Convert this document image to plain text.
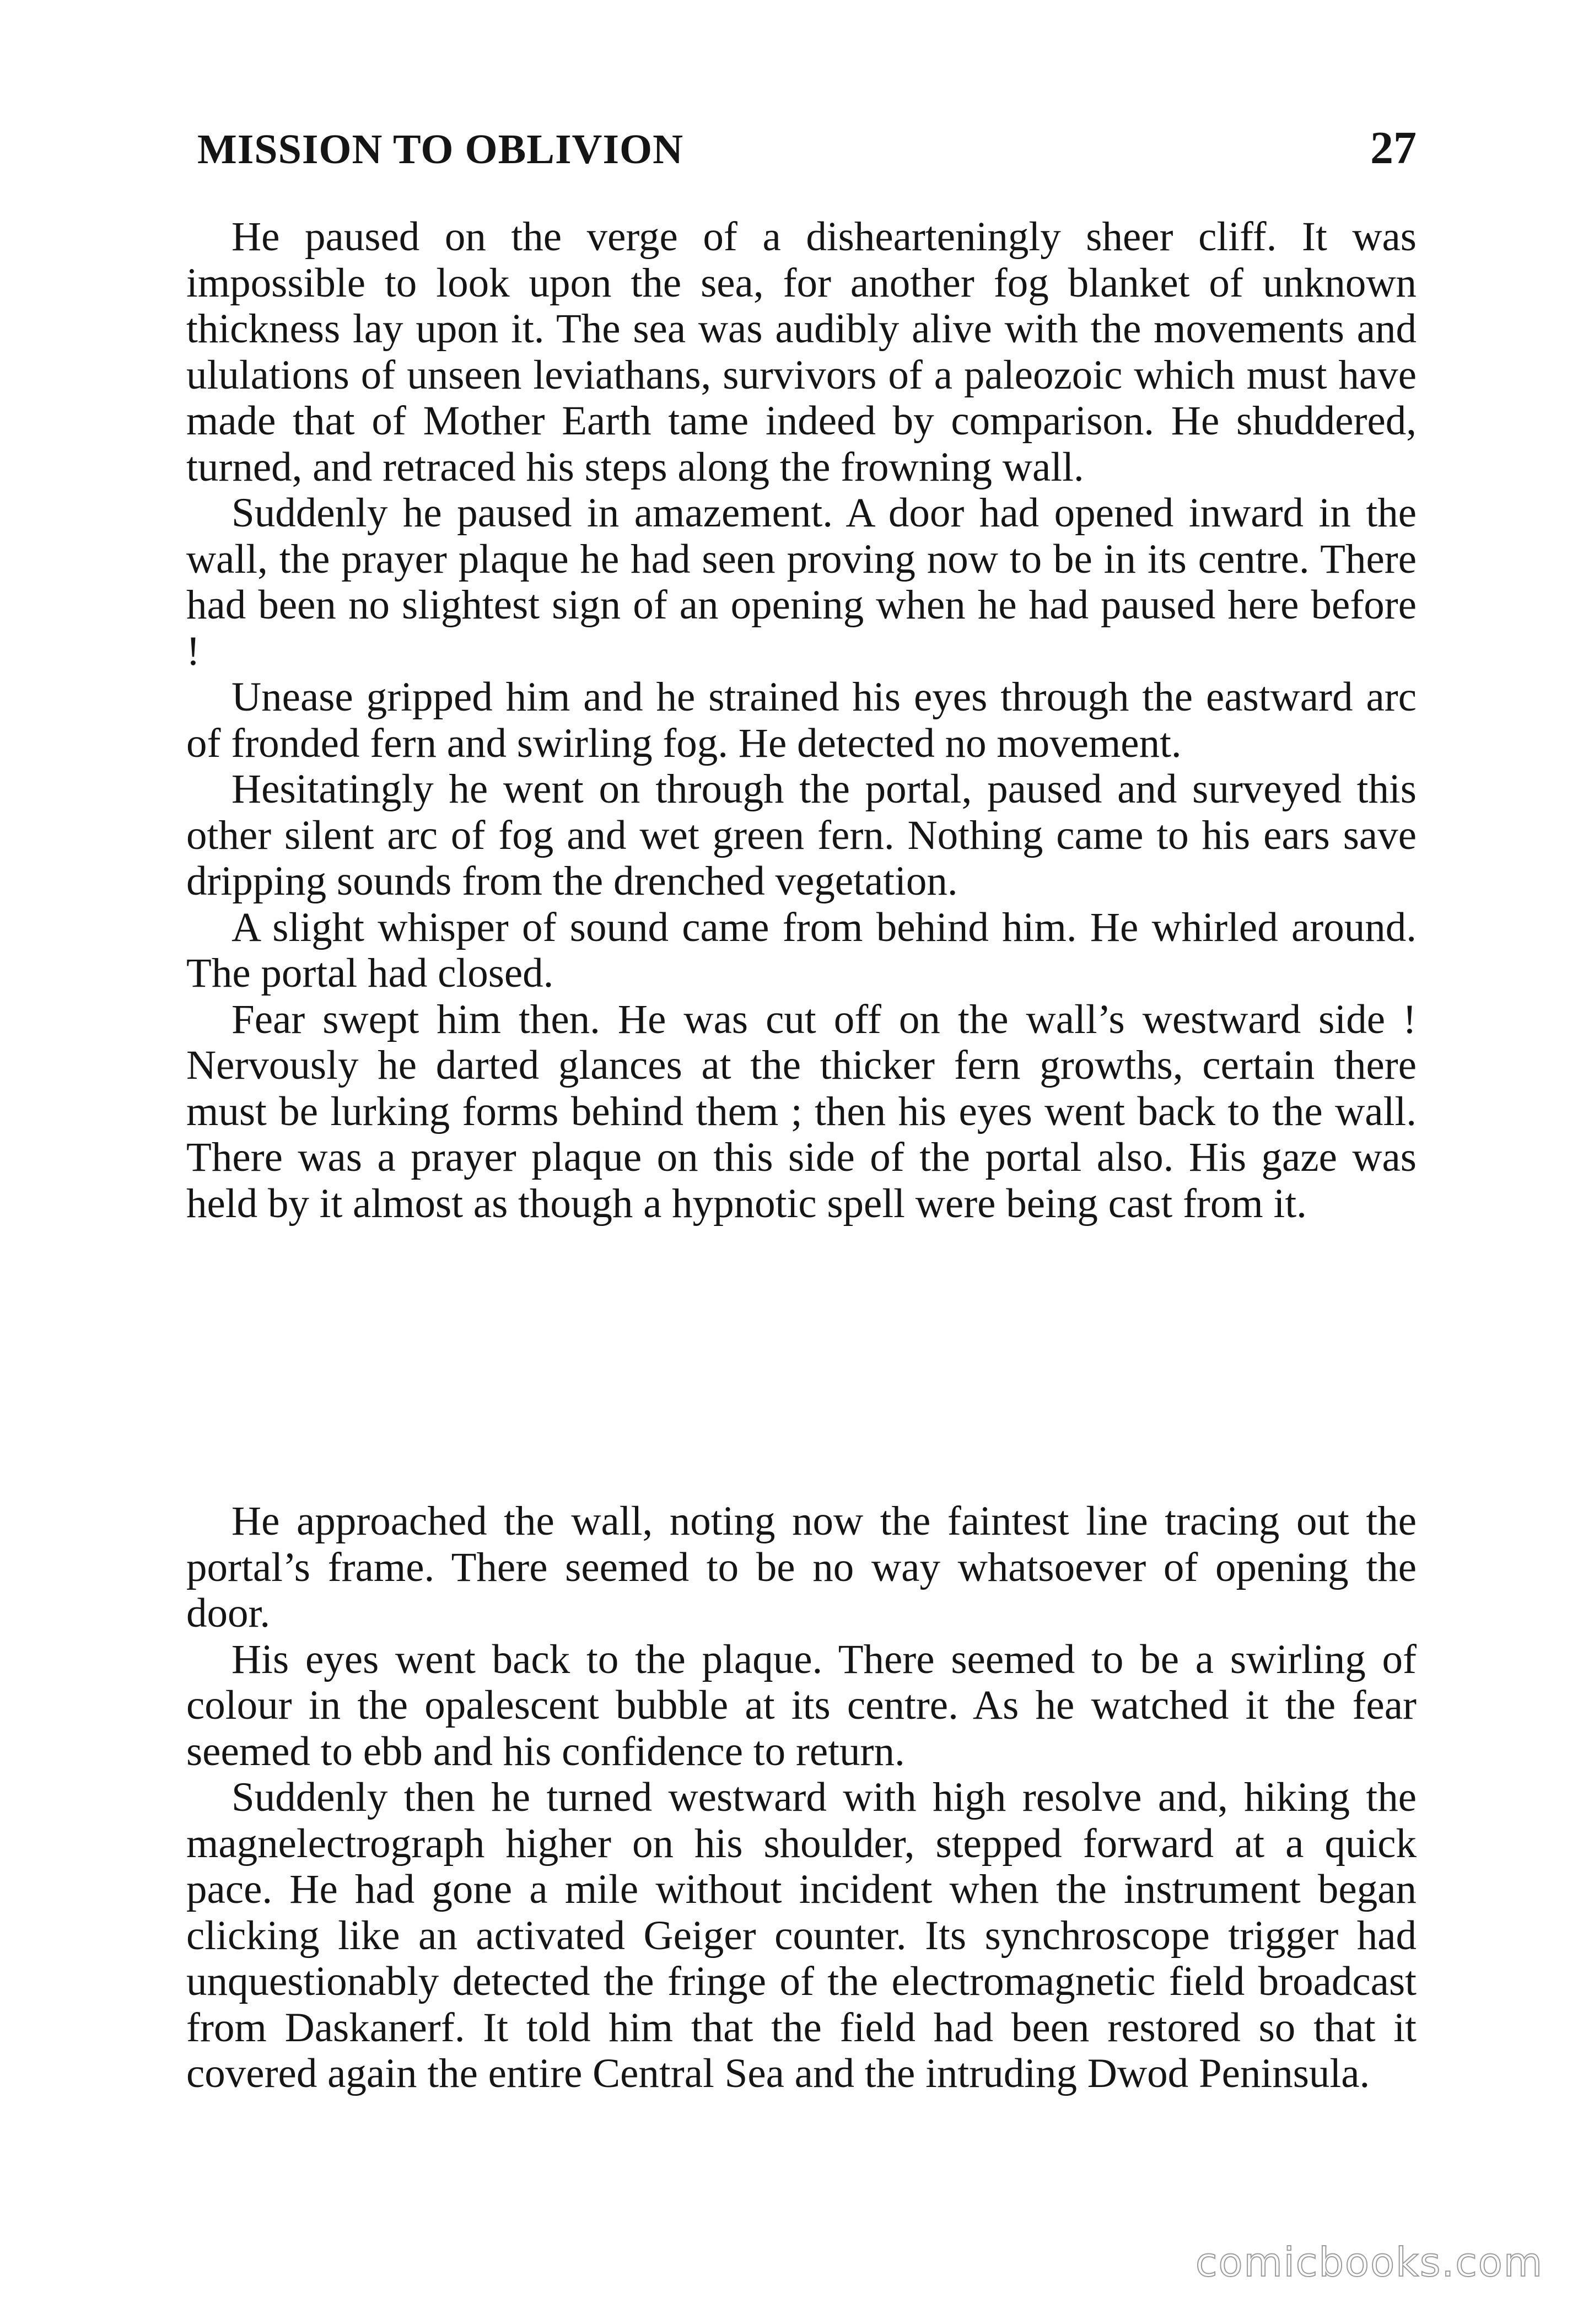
MISSION TO OBLIVION	27

He paused on the verge of a dishearteningly sheer cliff. It was impossible to look upon the sea, for another fog blanket of unknown thickness lay upon it. The sea was audibly alive with the movements and ululations of unseen leviathans, survivors of a paleozoic which must have made that of Mother Earth tame indeed by comparison. He shuddered, turned, and retraced his steps along the frowning wall.

Suddenly he paused in amazement. A door had opened inward in the wall, the prayer plaque he had seen proving now to be in its centre. There had been no slightest sign of an opening when he had paused here before !

Unease gripped him and he strained his eyes through the eastward arc of fronded fern and swirling fog. He detected no movement.

Hesitatingly he went on through the portal, paused and surveyed this other silent arc of fog and wet green fern. Nothing came to his ears save dripping sounds from the drenched vegetation.

A slight whisper of sound came from behind him. He whirled around. The portal had closed.

Fear swept him then. He was cut off on the wall’s westward side ! Nervously he darted glances at the thicker fern growths, certain there must be lurking forms behind them ; then his eyes went back to the wall. There was a prayer plaque on this side of the portal also. His gaze was held by it almost as though a hypnotic spell were being cast from it.

He approached the wall, noting now the faintest line tracing out the portal’s frame. There seemed to be no way whatsoever of opening the door.

His eyes went back to the plaque. There seemed to be a swirling of colour in the opalescent bubble at its centre. As he watched it the fear seemed to ebb and his confidence to return.

Suddenly then he turned westward with high resolve and, hiking the magnelectrograph higher on his shoulder, stepped forward at a quick pace. He had gone a mile without incident when the instrument began clicking like an activated Geiger counter. Its synchroscope trigger had unquestionably detected the fringe of the electromagnetic field broadcast from Daskanerf. It told him that the field had been restored so that it covered again the entire Central Sea and the intruding Dwod Peninsula.

comicbooks.com
